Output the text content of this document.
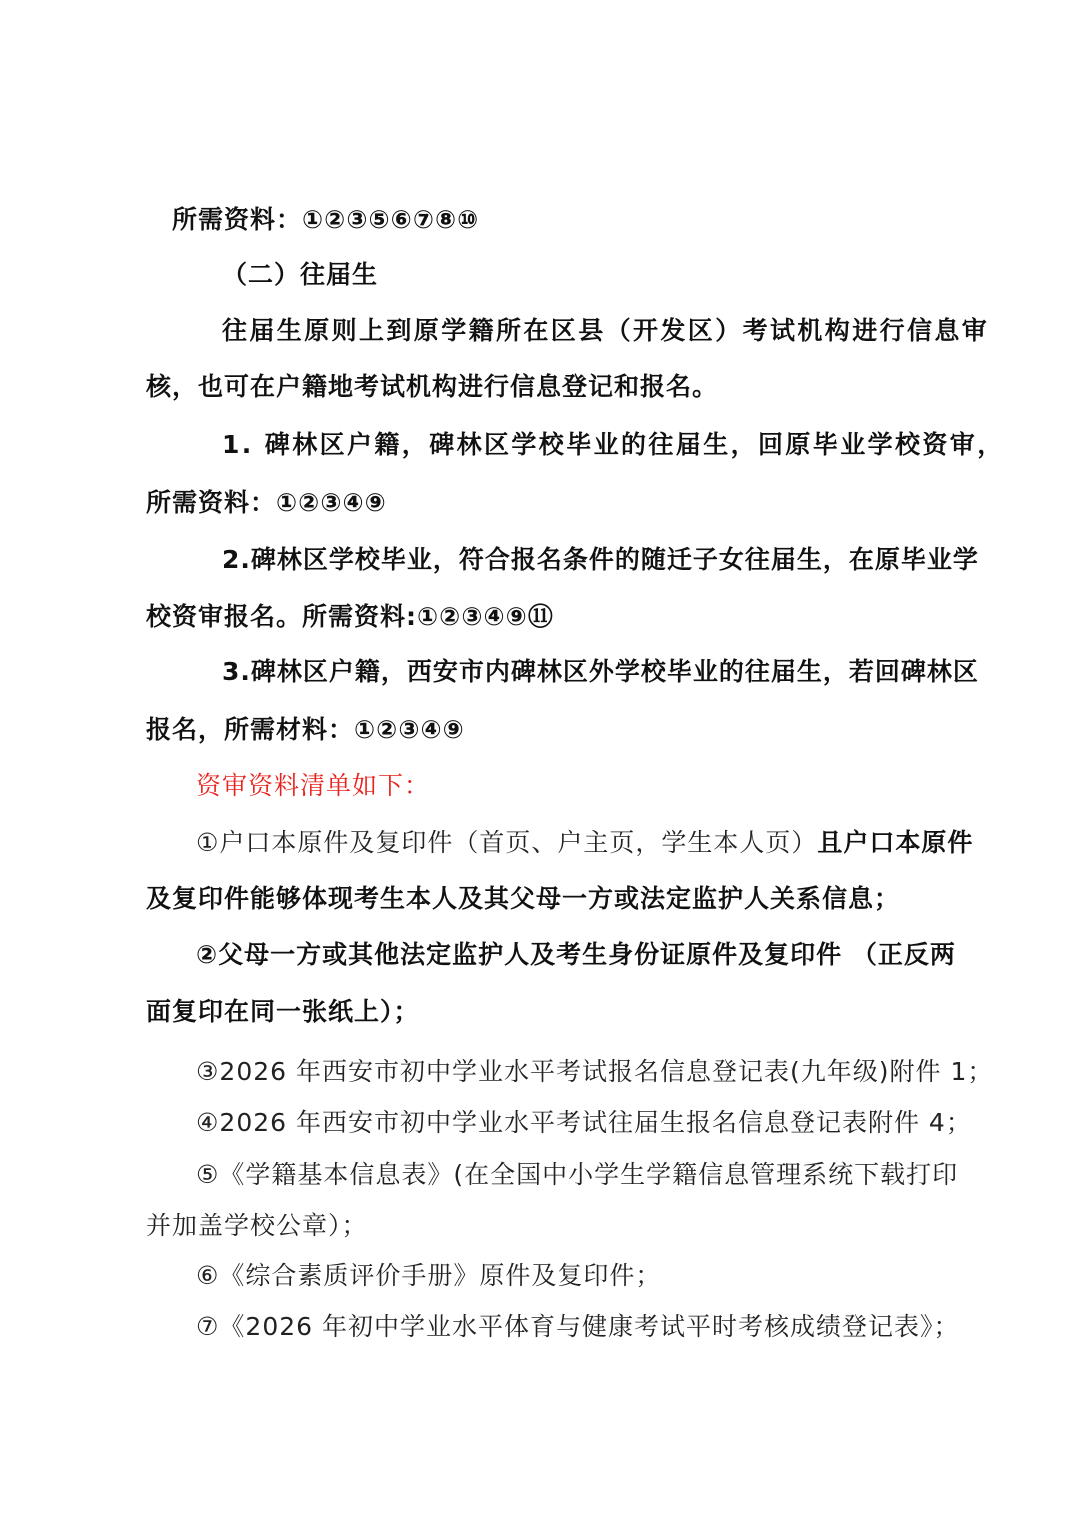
所需资料：①②③⑤⑥⑦⑧⑩
（二）往届生
往届生原则上到原学籍所在区县（开发区）考试机构进行信息审
核，也可在户籍地考试机构进行信息登记和报名。
1. 碑林区户籍，碑林区学校毕业的往届生，回原毕业学校资审，
所需资料：①②③④⑨
2.碑林区学校毕业，符合报名条件的随迁子女往届生，在原毕业学
校资审报名。所需资料:①②③④⑨⑪
3.碑林区户籍，西安市内碑林区外学校毕业的往届生，若回碑林区
报名，所需材料：①②③④⑨
资审资料清单如下：
①户口本原件及复印件（首页、户主页，学生本人页）且户口本原件
及复印件能够体现考生本人及其父母一方或法定监护人关系信息；
②父母一方或其他法定监护人及考生身份证原件及复印件 （正反两
面复印在同一张纸上）；
③2026 年西安市初中学业水平考试报名信息登记表(九年级)附件 1；
④2026 年西安市初中学业水平考试往届生报名信息登记表附件 4；
⑤《学籍基本信息表》(在全国中小学生学籍信息管理系统下载打印
并加盖学校公章）；
⑥《综合素质评价手册》原件及复印件；
⑦《2026 年初中学业水平体育与健康考试平时考核成绩登记表》；
